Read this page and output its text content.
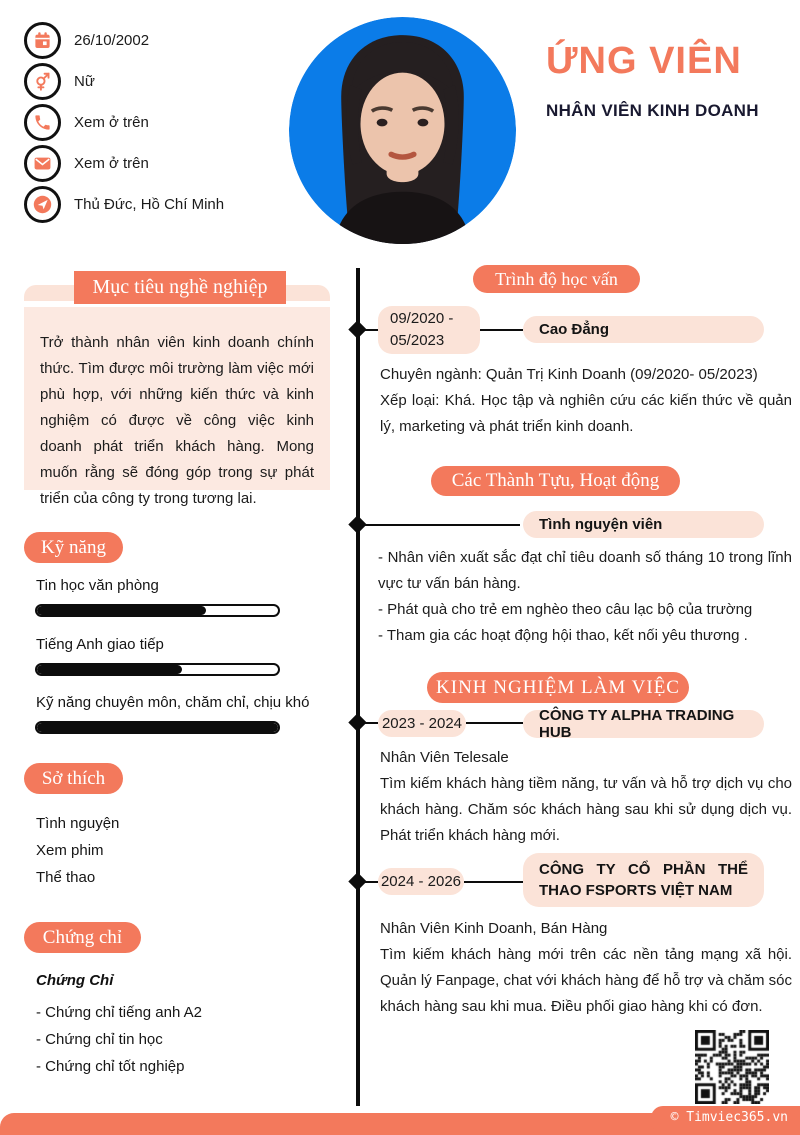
26/10/2002
Nữ
Xem ở trên
Xem ở trên
Thủ Đức, Hồ Chí Minh
ỨNG VIÊN
NHÂN VIÊN KINH DOANH
Mục tiêu nghề nghiệp
Trở thành nhân viên kinh doanh chính thức. Tìm được môi trường làm việc mới phù hợp, với những kiến thức và kinh nghiệm có được về công việc kinh doanh phát triển khách hàng. Mong muốn rằng sẽ đóng góp trong sự phát triển của công ty trong tương lai.
Kỹ năng
Tin học văn phòng
Tiếng Anh giao tiếp
Kỹ năng chuyên môn, chăm chỉ, chịu khó
Sở thích
Tình nguyện
Xem phim
Thể thao
Chứng chỉ
Chứng Chỉ
- Chứng chỉ tiếng anh A2
- Chứng chỉ tin học
- Chứng chỉ tốt nghiệp
Trình độ học vấn
09/2020 - 05/2023
Cao Đẳng

Chuyên ngành: Quản Trị Kinh Doanh (09/2020- 05/2023)

Xếp loại: Khá. Học tập và nghiên cứu các kiến thức về quản lý, marketing và phát triển kinh doanh.

Các Thành Tựu, Hoạt động
Tình nguyện viên

- Nhân viên xuất sắc đạt chỉ tiêu doanh số tháng 10 trong lĩnh vực tư vấn bán hàng.

- Phát quà cho trẻ em nghèo theo câu lạc bộ của trường

- Tham gia các hoạt động hội thao, kết nối yêu thương .

KINH NGHIỆM LÀM VIỆC
2023 - 2024	CÔNG TY ALPHA TRADING HUB

Nhân Viên Telesale

Tìm kiếm khách hàng tiềm năng, tư vấn và hỗ trợ dịch vụ cho khách hàng. Chăm sóc khách hàng sau khi sử dụng dịch vụ. Phát triển khách hàng mới.

2024 - 2026
CÔNG TY CỔ PHẦN THỂ THAO FSPORTS VIỆT NAM

Nhân Viên Kinh Doanh, Bán Hàng

Tìm kiếm khách hàng mới trên các nền tảng mạng xã hội. Quản lý Fanpage, chat với khách hàng để hỗ trợ và chăm sóc khách hàng sau khi mua. Điều phối giao hàng khi có đơn.

© Timviec365.vn
